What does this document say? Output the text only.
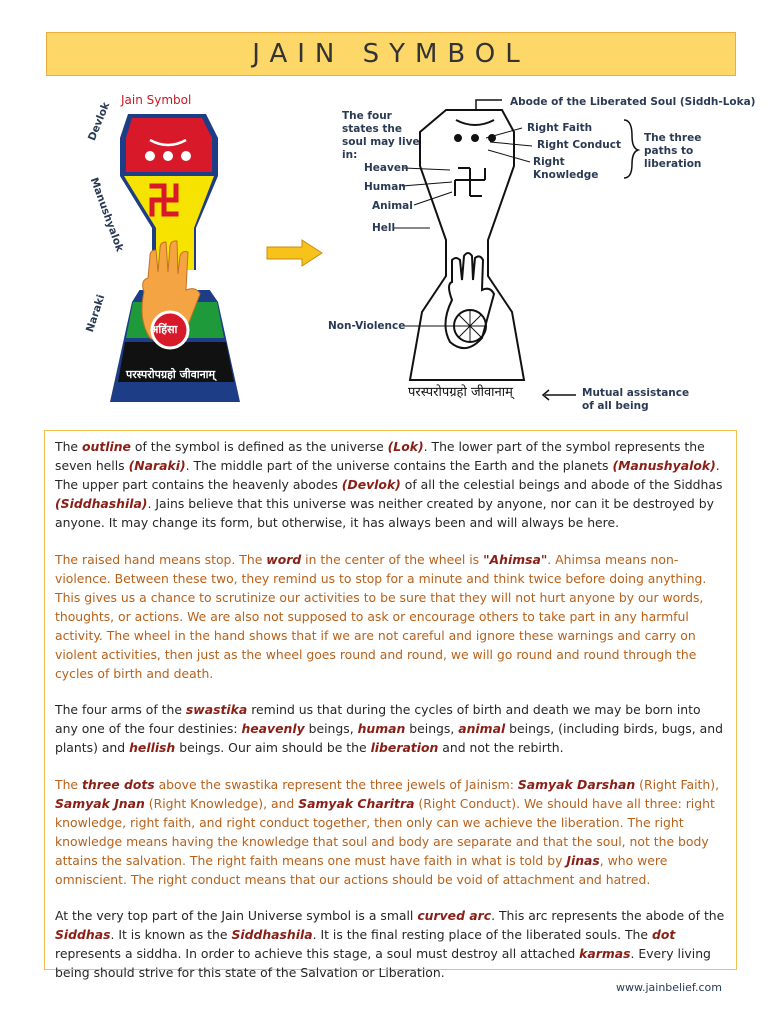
JAIN SYMBOL
Jain Symbol
Devlok
Manushyalok
Naraki	अहिंसा
परस्परोपग्रहो जीवानाम्
The four states the soul may live in:
Heaven
Human
Animal
Hell
Abode of the Liberated Soul (Siddh-Loka)
Right Faith
Right Conduct
Right Knowledge
The three paths to liberation
Non-Violence
परस्परोपग्रहो जीवानाम्	Mutual assistance of all being

The outline of the symbol is defined as the universe (Lok). The lower part of the symbol represents the seven hells (Naraki). The middle part of the universe contains the Earth and the planets (Manushyalok). The upper part contains the heavenly abodes (Devlok) of all the celestial beings and abode of the Siddhas (Siddhashila). Jains believe that this universe was neither created by anyone, nor can it be destroyed by anyone. It may change its form, but otherwise, it has always been and will always be here.

The raised hand means stop. The word in the center of the wheel is "Ahimsa". Ahimsa means non-violence. Between these two, they remind us to stop for a minute and think twice before doing anything. This gives us a chance to scrutinize our activities to be sure that they will not hurt anyone by our words, thoughts, or actions. We are also not supposed to ask or encourage others to take part in any harmful activity. The wheel in the hand shows that if we are not careful and ignore these warnings and carry on violent activities, then just as the wheel goes round and round, we will go round and round through the cycles of birth and death.

The four arms of the swastika remind us that during the cycles of birth and death we may be born into any one of the four destinies: heavenly beings, human beings, animal beings, (including birds, bugs, and plants) and hellish beings. Our aim should be the liberation and not the rebirth.

The three dots above the swastika represent the three jewels of Jainism: Samyak Darshan (Right Faith), Samyak Jnan (Right Knowledge), and Samyak Charitra (Right Conduct). We should have all three: right knowledge, right faith, and right conduct together, then only can we achieve the liberation. The right knowledge means having the knowledge that soul and body are separate and that the soul, not the body attains the salvation. The right faith means one must have faith in what is told by Jinas, who were omniscient. The right conduct means that our actions should be void of attachment and hatred.

At the very top part of the Jain Universe symbol is a small curved arc. This arc represents the abode of the Siddhas. It is known as the Siddhashila. It is the final resting place of the liberated souls. The dot represents a siddha. In order to achieve this stage, a soul must destroy all attached karmas. Every living being should strive for this state of the Salvation or Liberation.

www.jainbelief.com
